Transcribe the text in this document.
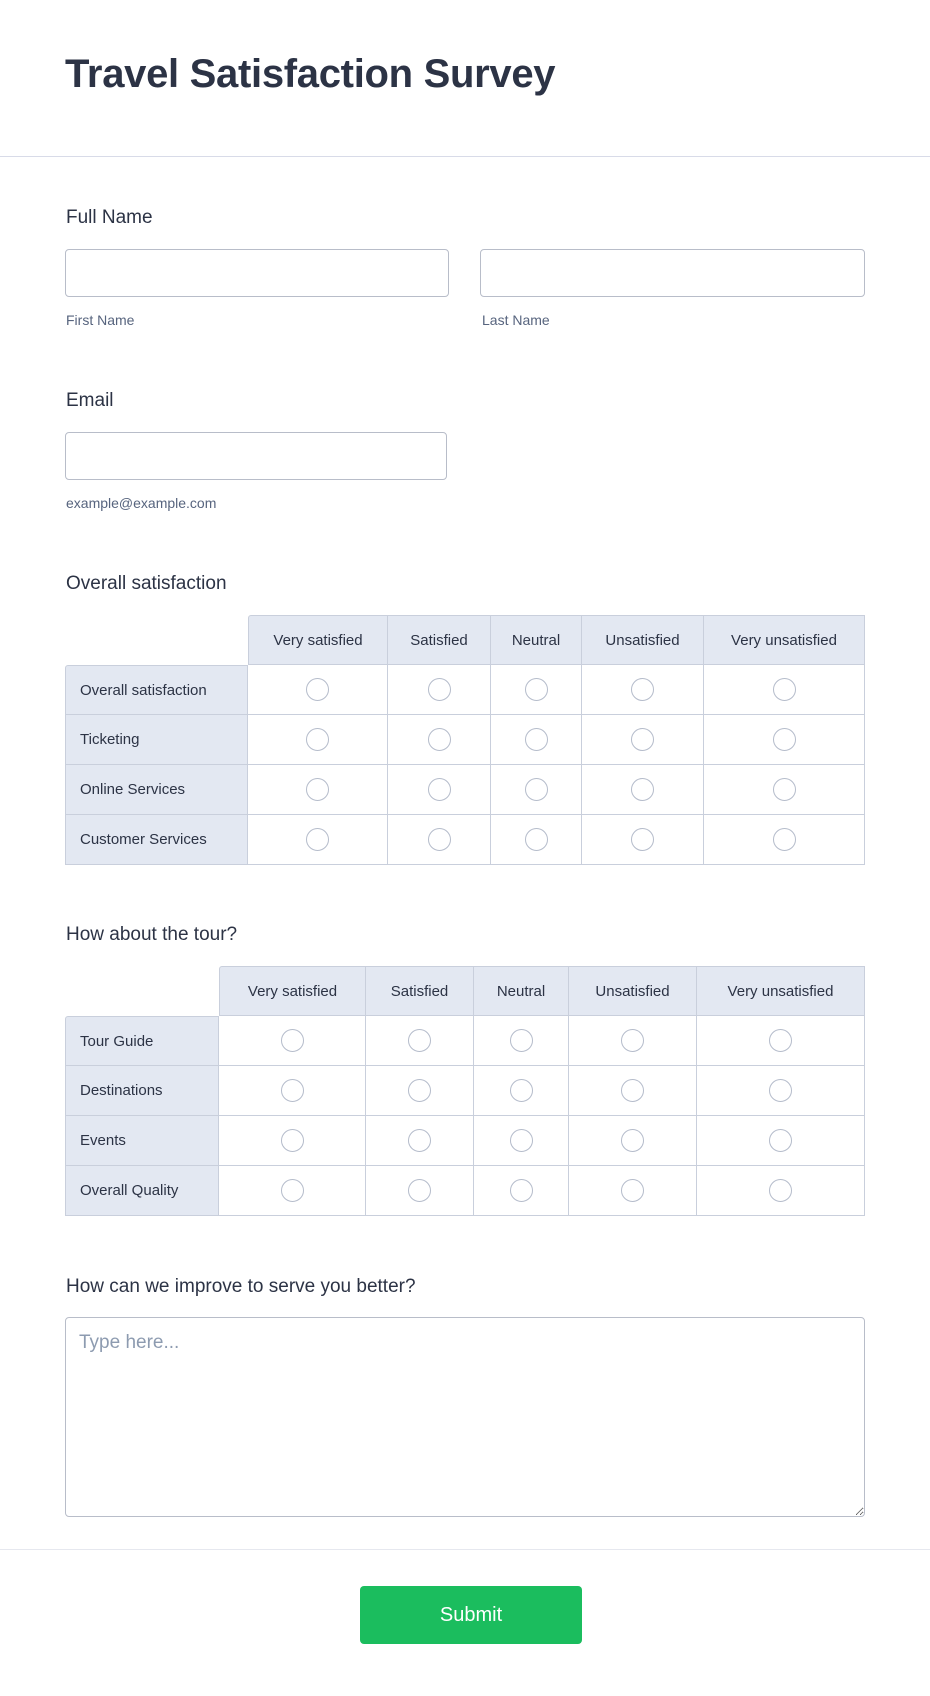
Travel Satisfaction Survey
Full Name
First Name	Last Name
Email
example@example.com
Overall satisfaction
	Very satisfied	Satisfied	Neutral	Unsatisfied	Very unsatisfied
Overall satisfaction					
Ticketing					
Online Services					
Customer Services					
How about the tour?
	Very satisfied	Satisfied	Neutral	Unsatisfied	Very unsatisfied
Tour Guide					
Destinations					
Events					
Overall Quality					
How can we improve to serve you better?
Type here...
Submit
